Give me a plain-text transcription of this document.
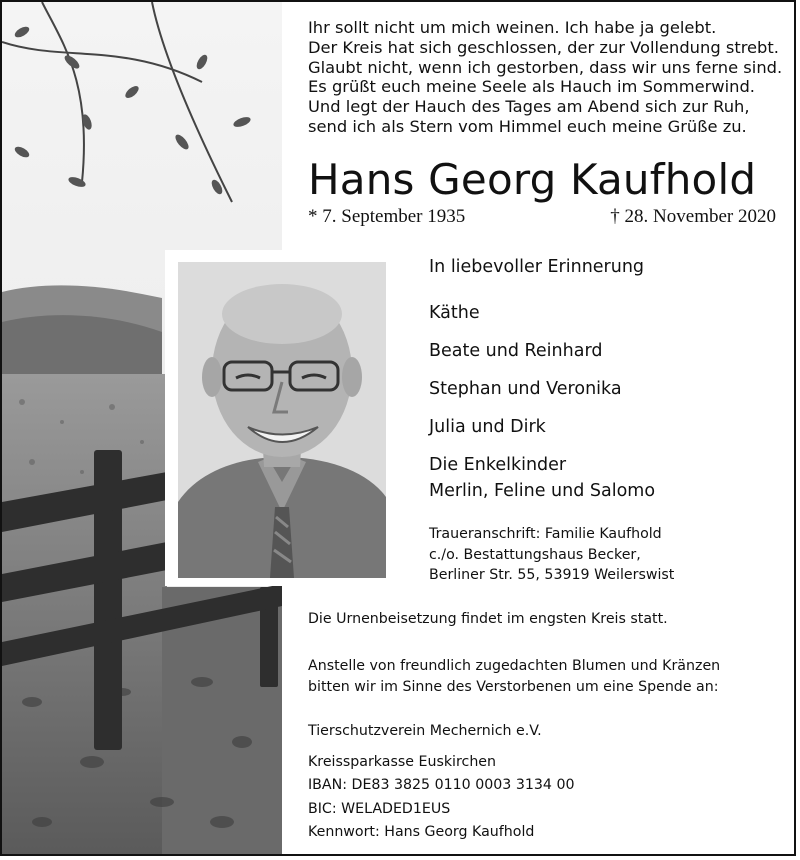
Ihr sollt nicht um mich weinen. Ich habe ja gelebt.
Der Kreis hat sich geschlossen, der zur Vollendung strebt.
Glaubt nicht, wenn ich gestorben, dass wir uns ferne sind.
Es grüßt euch meine Seele als Hauch im Sommerwind.
Und legt der Hauch des Tages am Abend sich zur Ruh,
send ich als Stern vom Himmel euch meine Grüße zu.
Hans Georg Kaufhold
* 7. September 1935	† 28. November 2020
In liebevoller Erinnerung
Käthe
Beate und Reinhard
Stephan und Veronika
Julia und Dirk
Die Enkelkinder
Merlin, Feline und Salomo
Traueranschrift: Familie Kaufhold
c./o. Bestattungshaus Becker,
Berliner Str. 55, 53919 Weilerswist
Die Urnenbeisetzung findet im engsten Kreis statt.
Anstelle von freundlich zugedachten Blumen und Kränzen
bitten wir im Sinne des Verstorbenen um eine Spende an:
Tierschutzverein Mechernich e.V.
Kreissparkasse Euskirchen
IBAN: DE83 3825 0110 0003 3134 00
BIC: WELADED1EUS
Kennwort: Hans Georg Kaufhold
